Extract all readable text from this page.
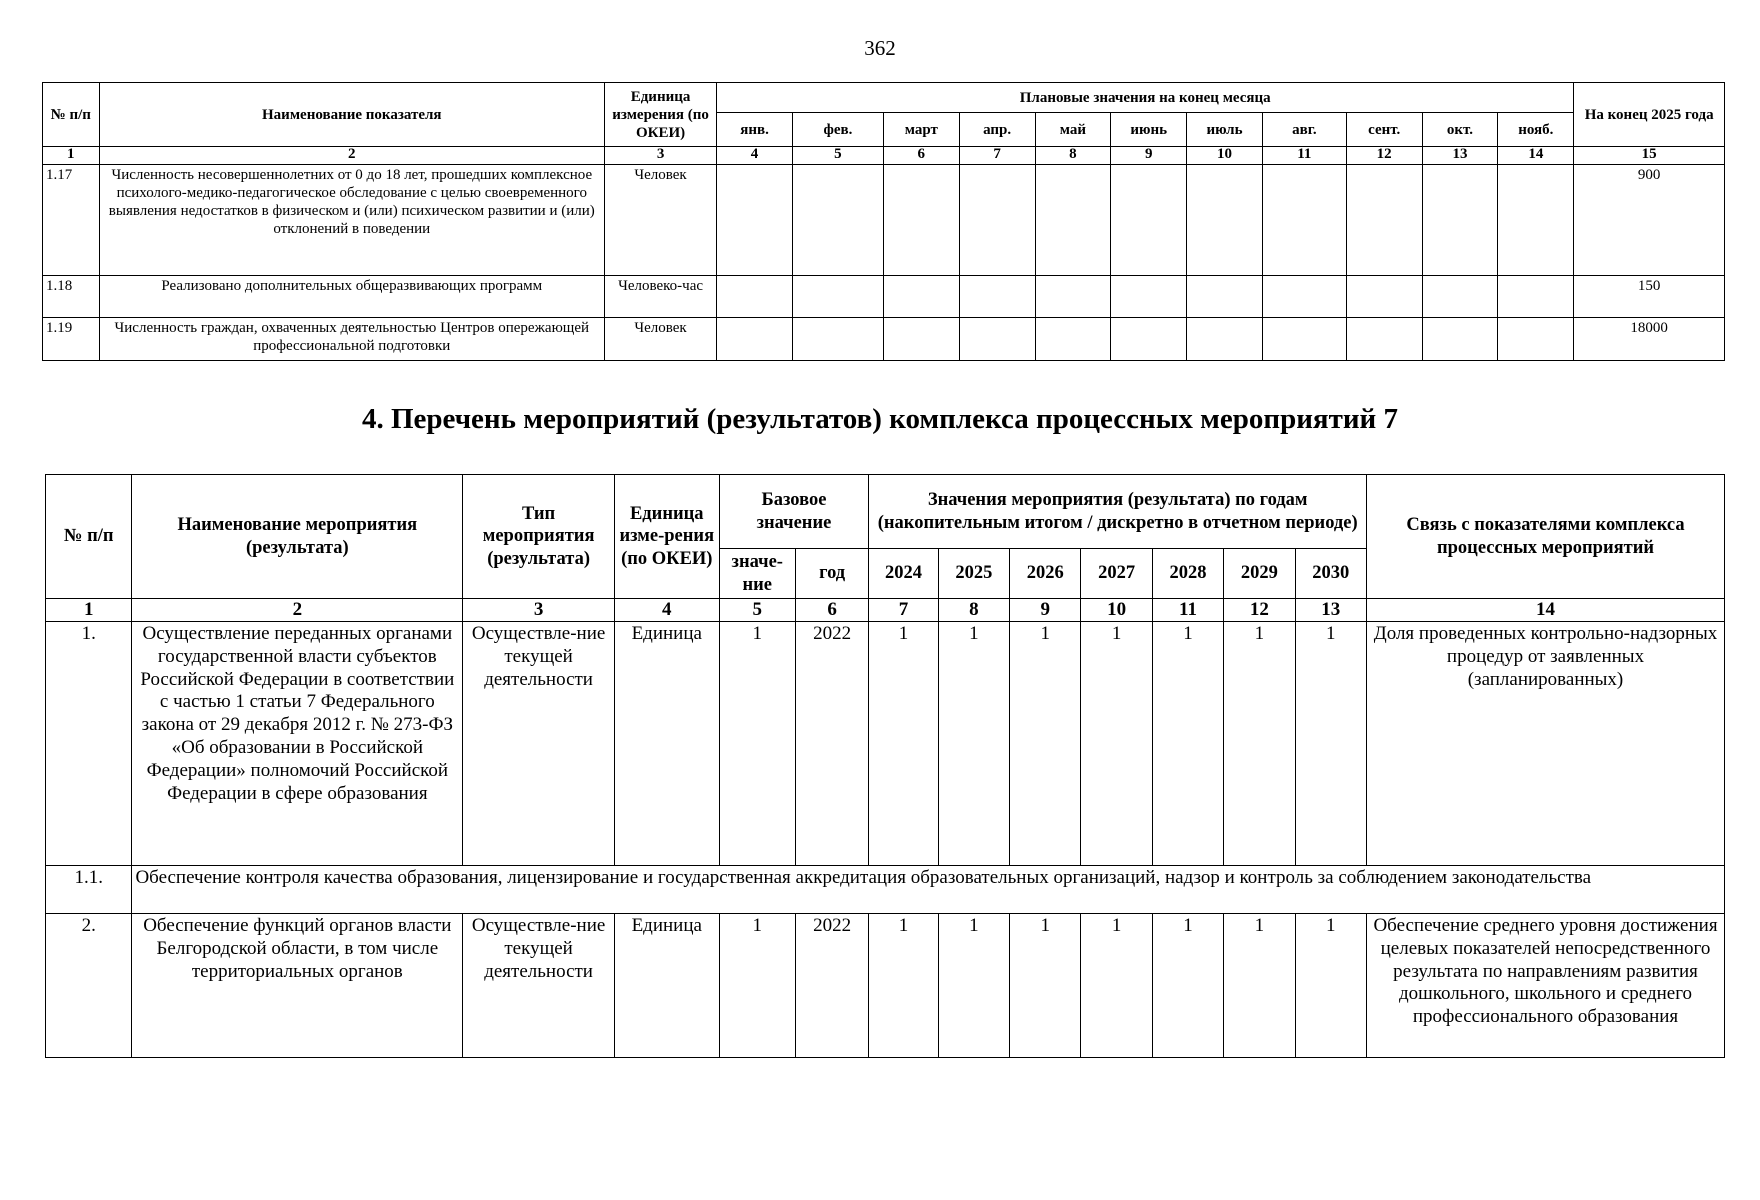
362
№ п/п	Наименование показателя	Единица измерения (по ОКЕИ)	Плановые значения на конец месяца											На конец 2025 года
			янв.	фев.	март	апр.	май	июнь	июль	авг.	сент.	окт.	нояб.	
1	2	3	4	5	6	7	8	9	10	11	12	13	14	15
1.17	Численность несовершеннолетних от 0 до 18 лет, прошедших комплексное психолого-медико-педагогическое обследование с целью своевременного выявления недостатков в физическом и (или) психическом развитии и (или) отклонений в поведении	Человек												900
1.18	Реализовано дополнительных общеразвивающих программ	Человеко-час												150
1.19	Численность граждан, охваченных деятельностью Центров опережающей профессиональной подготовки	Человек												18000
4. Перечень мероприятий (результатов) комплекса процессных мероприятий 7
№ п/п	Наименование мероприятия (результата)	Тип мероприятия (результата)	Единица изме-рения (по ОКЕИ)	Базовое значение		Значения мероприятия (результата) по годам (накопительным итогом / дискретно в отчетном периоде)							Связь с показателями комплекса процессных мероприятий
				значе-ние	год	2024	2025	2026	2027	2028	2029	2030	
1	2	3	4	5	6	7	8	9	10	11	12	13	14
1.	Осуществление переданных органами государственной власти субъектов Российской Федерации в соответствии с частью 1 статьи 7 Федерального закона от 29 декабря 2012 г. № 273-ФЗ «Об образовании в Российской Федерации» полномочий Российской Федерации в сфере образования	Осуществле-ние текущей деятельности	Единица	1	2022	1	1	1	1	1	1	1	Доля проведенных контрольно-надзорных процедур от заявленных (запланированных)
1.1.	Обеспечение контроля качества образования, лицензирование и государственная аккредитация образовательных организаций, надзор и контроль за соблюдением законодательства												
2.	Обеспечение функций органов власти Белгородской области, в том числе территориальных органов	Осуществле-ние текущей деятельности	Единица	1	2022	1	1	1	1	1	1	1	Обеспечение среднего уровня достижения целевых показателей непосредственного результата по направлениям развития дошкольного, школьного и среднего профессионального образования
